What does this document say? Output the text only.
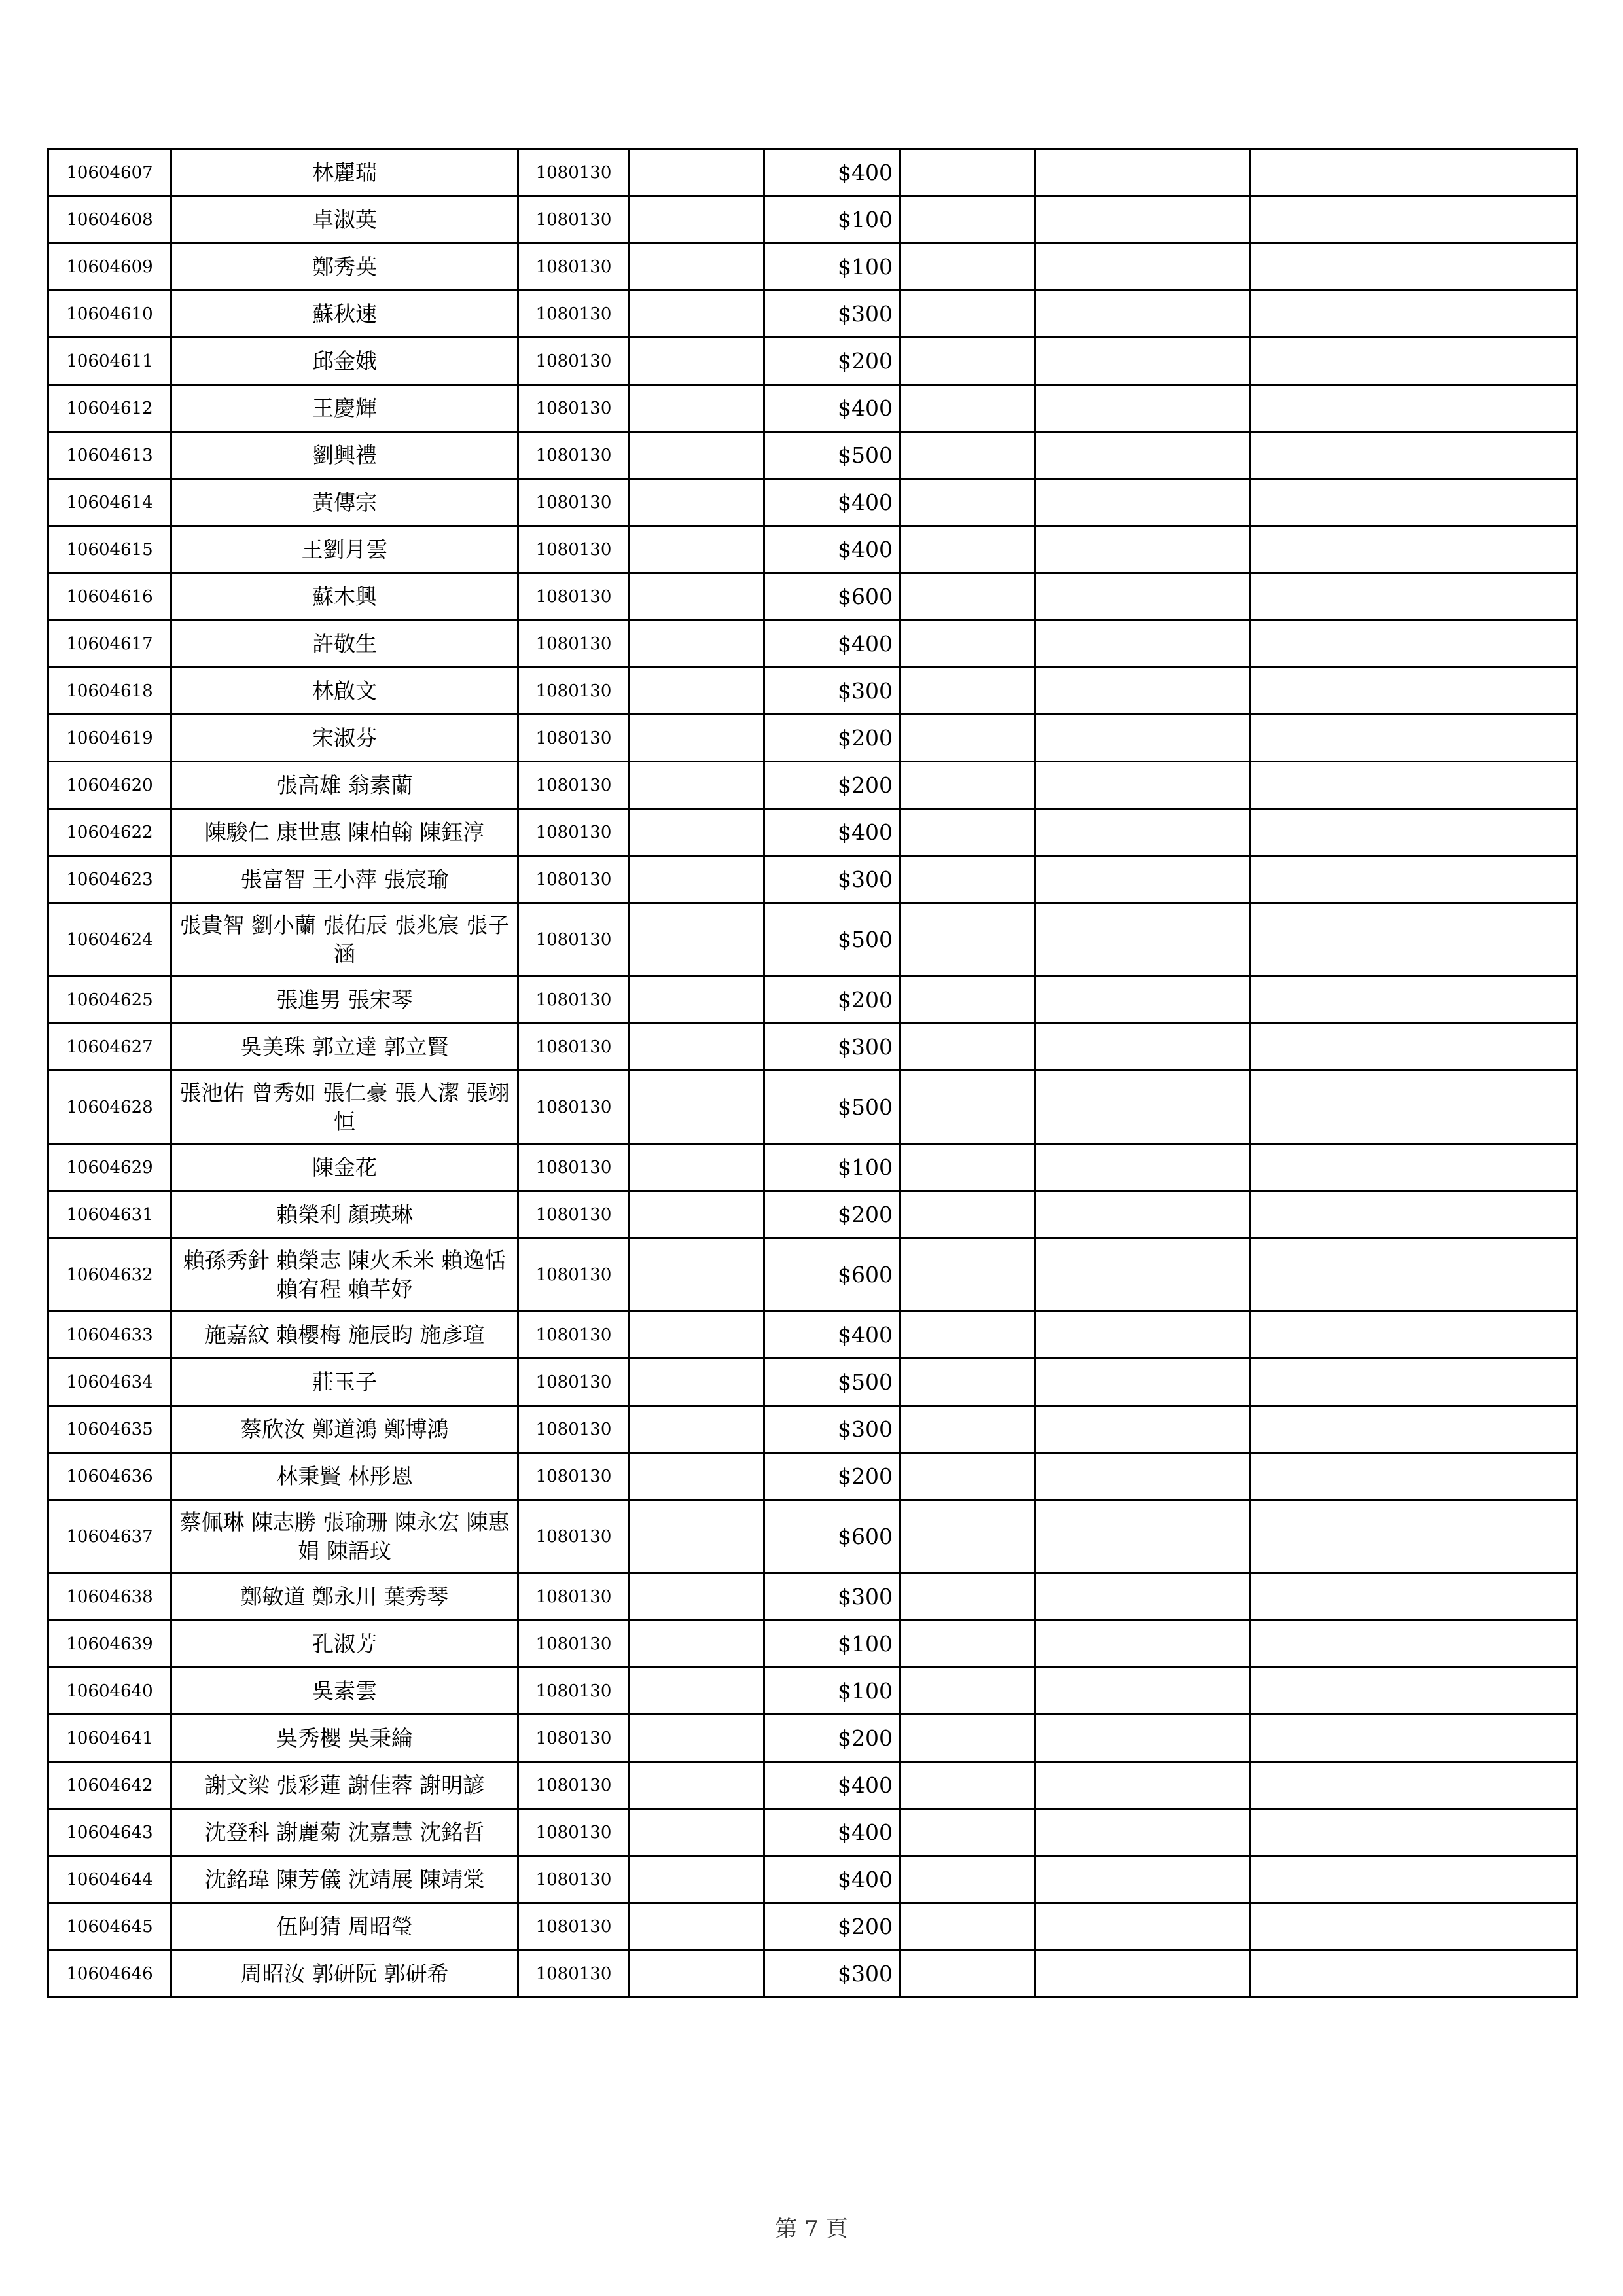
10604607	林麗瑞	1080130		$400			
10604608	卓淑英	1080130		$100			
10604609	鄭秀英	1080130		$100			
10604610	蘇秋速	1080130		$300			
10604611	邱金娥	1080130		$200			
10604612	王慶輝	1080130		$400			
10604613	劉興禮	1080130		$500			
10604614	黃傳宗	1080130		$400			
10604615	王劉月雲	1080130		$400			
10604616	蘇木興	1080130		$600			
10604617	許敬生	1080130		$400			
10604618	林啟文	1080130		$300			
10604619	宋淑芬	1080130		$200			
10604620	張高雄 翁素蘭	1080130		$200			
10604622	陳駿仁 康世惠 陳柏翰 陳鈺淳	1080130		$400			
10604623	張富智 王小萍 張宸瑜	1080130		$300			
10604624	張貴智 劉小蘭 張佑辰 張兆宸 張子涵	1080130		$500			
10604625	張進男 張宋琴	1080130		$200			
10604627	吳美珠 郭立達 郭立賢	1080130		$300			
10604628	張池佑 曾秀如 張仁豪 張人潔 張翊恒	1080130		$500			
10604629	陳金花	1080130		$100			
10604631	賴榮利 顏瑛琳	1080130		$200			
10604632	賴孫秀針 賴榮志 陳火禾米 賴逸恬 賴宥程 賴芊妤	1080130		$600			
10604633	施嘉紋 賴櫻梅 施辰昀 施彥瑄	1080130		$400			
10604634	莊玉子	1080130		$500			
10604635	蔡欣汝 鄭道鴻 鄭博鴻	1080130		$300			
10604636	林秉賢 林彤恩	1080130		$200			
10604637	蔡佩琳 陳志勝 張瑜珊 陳永宏 陳惠娟 陳語玟	1080130		$600			
10604638	鄭敏道 鄭永川 葉秀琴	1080130		$300			
10604639	孔淑芳	1080130		$100			
10604640	吳素雲	1080130		$100			
10604641	吳秀櫻 吳秉綸	1080130		$200			
10604642	謝文梁 張彩蓮 謝佳蓉 謝明諺	1080130		$400			
10604643	沈登科 謝麗菊 沈嘉慧 沈銘哲	1080130		$400			
10604644	沈銘瑋 陳芳儀 沈靖展 陳靖棠	1080130		$400			
10604645	伍阿猜 周昭瑩	1080130		$200			
10604646	周昭汝 郭研阮 郭研希	1080130		$300			
第 7 頁
